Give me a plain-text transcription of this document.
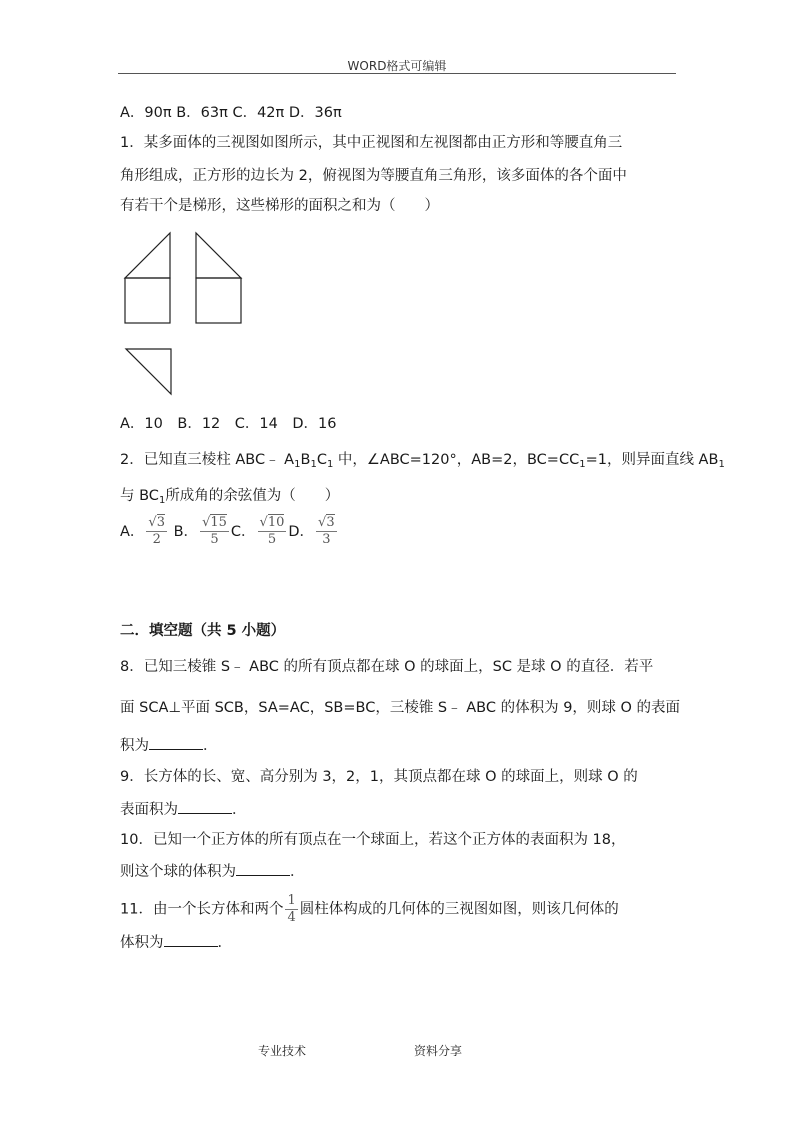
WORD格式可编辑
A．90π B．63π C．42π D．36π
1．某多面体的三视图如图所示，其中正视图和左视图都由正方形和等腰直角三
角形组成，正方形的边长为 2，俯视图为等腰直角三角形，该多面体的各个面中
有若干个是梯形，这些梯形的面积之和为（　　）
A．10　B．12　C．14　D．16
2．已知直三棱柱 ABC﹣ $A_1B_1C_1$ 中，∠ABC=120°，AB=2，$BC=CC_1=1$，则异面直线 $AB_1$
与 $BC_1$所成角的余弦值为（　　）
A． $\frac{√3}{2}$ B． $\frac{√15}{5}$ C． $\frac{√10}{5}$ D． $\frac{√3}{3}$
二．填空题（共 5 小题）
8．已知三棱锥 S﹣ ABC 的所有顶点都在球 O 的球面上，SC 是球 O 的直径．若平
面 SCA⊥平面 SCB，SA=AC，SB=BC，三棱锥 S﹣ ABC 的体积为 9，则球 O 的表面
积为	．
9．长方体的长、宽、高分别为 3，2，1，其顶点都在球 O 的球面上，则球 O 的
表面积为	．
10．已知一个正方体的所有顶点在一个球面上，若这个正方体的表面积为 18，
则这个球的体积为	．
11．由一个长方体和两个 $\frac{1}{4}$ 圆柱体构成的几何体的三视图如图，则该几何体的
体积为	．
专业技术	资料分享
